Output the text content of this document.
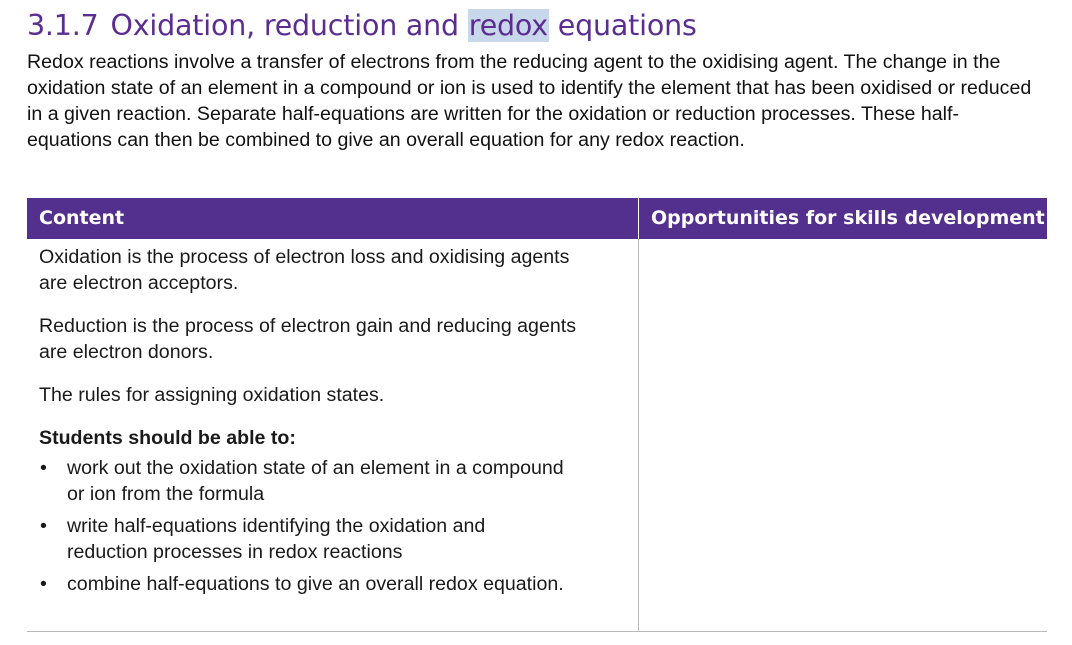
3.1.7 Oxidation, reduction and redox equations

Redox reactions involve a transfer of electrons from the reducing agent to the oxidising agent. The change in the oxidation state of an element in a compound or ion is used to identify the element that has been oxidised or reduced in a given reaction. Separate half-equations are written for the oxidation or reduction processes. These half-equations can then be combined to give an overall equation for any redox reaction.

Content	Opportunities for skills development

Oxidation is the process of electron loss and oxidising agents are electron acceptors.

Reduction is the process of electron gain and reducing agents are electron donors.

The rules for assigning oxidation states.

Students should be able to:

• work out the oxidation state of an element in a compound or ion from the formula
• write half-equations identifying the oxidation and reduction processes in redox reactions
• combine half-equations to give an overall redox equation.
